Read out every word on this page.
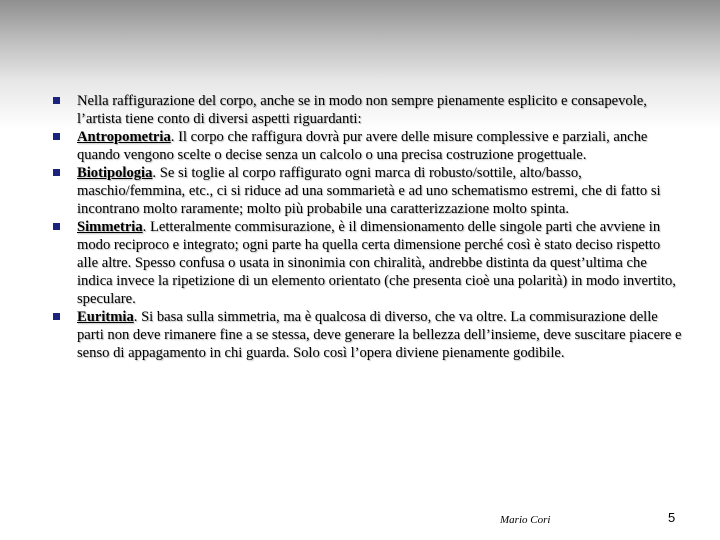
Nella raffigurazione del corpo, anche se in modo non sempre pienamente esplicito e consapevole, l’artista tiene conto di diversi aspetti riguardanti:
Antropometria. Il corpo che raffigura dovrà pur avere delle misure complessive e parziali, anche quando vengono scelte o decise senza un calcolo o una precisa costruzione progettuale.
Biotipologia. Se si toglie al corpo raffigurato ogni marca di robusto/sottile, alto/basso, maschio/femmina, etc., ci si riduce ad una sommarietà e ad uno schematismo estremi, che di fatto si incontrano molto raramente; molto più probabile una caratterizzazione molto spinta.
Simmetria. Letteralmente commisurazione, è il dimensionamento delle singole parti che avviene in modo reciproco e integrato; ogni parte ha quella certa dimensione perché così è stato deciso rispetto alle altre. Spesso confusa o usata in sinonimia con chiralità, andrebbe distinta da quest’ultima che indica invece la ripetizione di un elemento orientato (che presenta cioè una polarità) in modo invertito, speculare.
Euritmia. Si basa sulla simmetria, ma è qualcosa di diverso, che va oltre. La commisurazione delle parti non deve rimanere fine a se stessa, deve generare la bellezza dell’insieme, deve suscitare piacere e senso di appagamento in chi guarda. Solo così l’opera diviene pienamente godibile.
Mario Cori	5
